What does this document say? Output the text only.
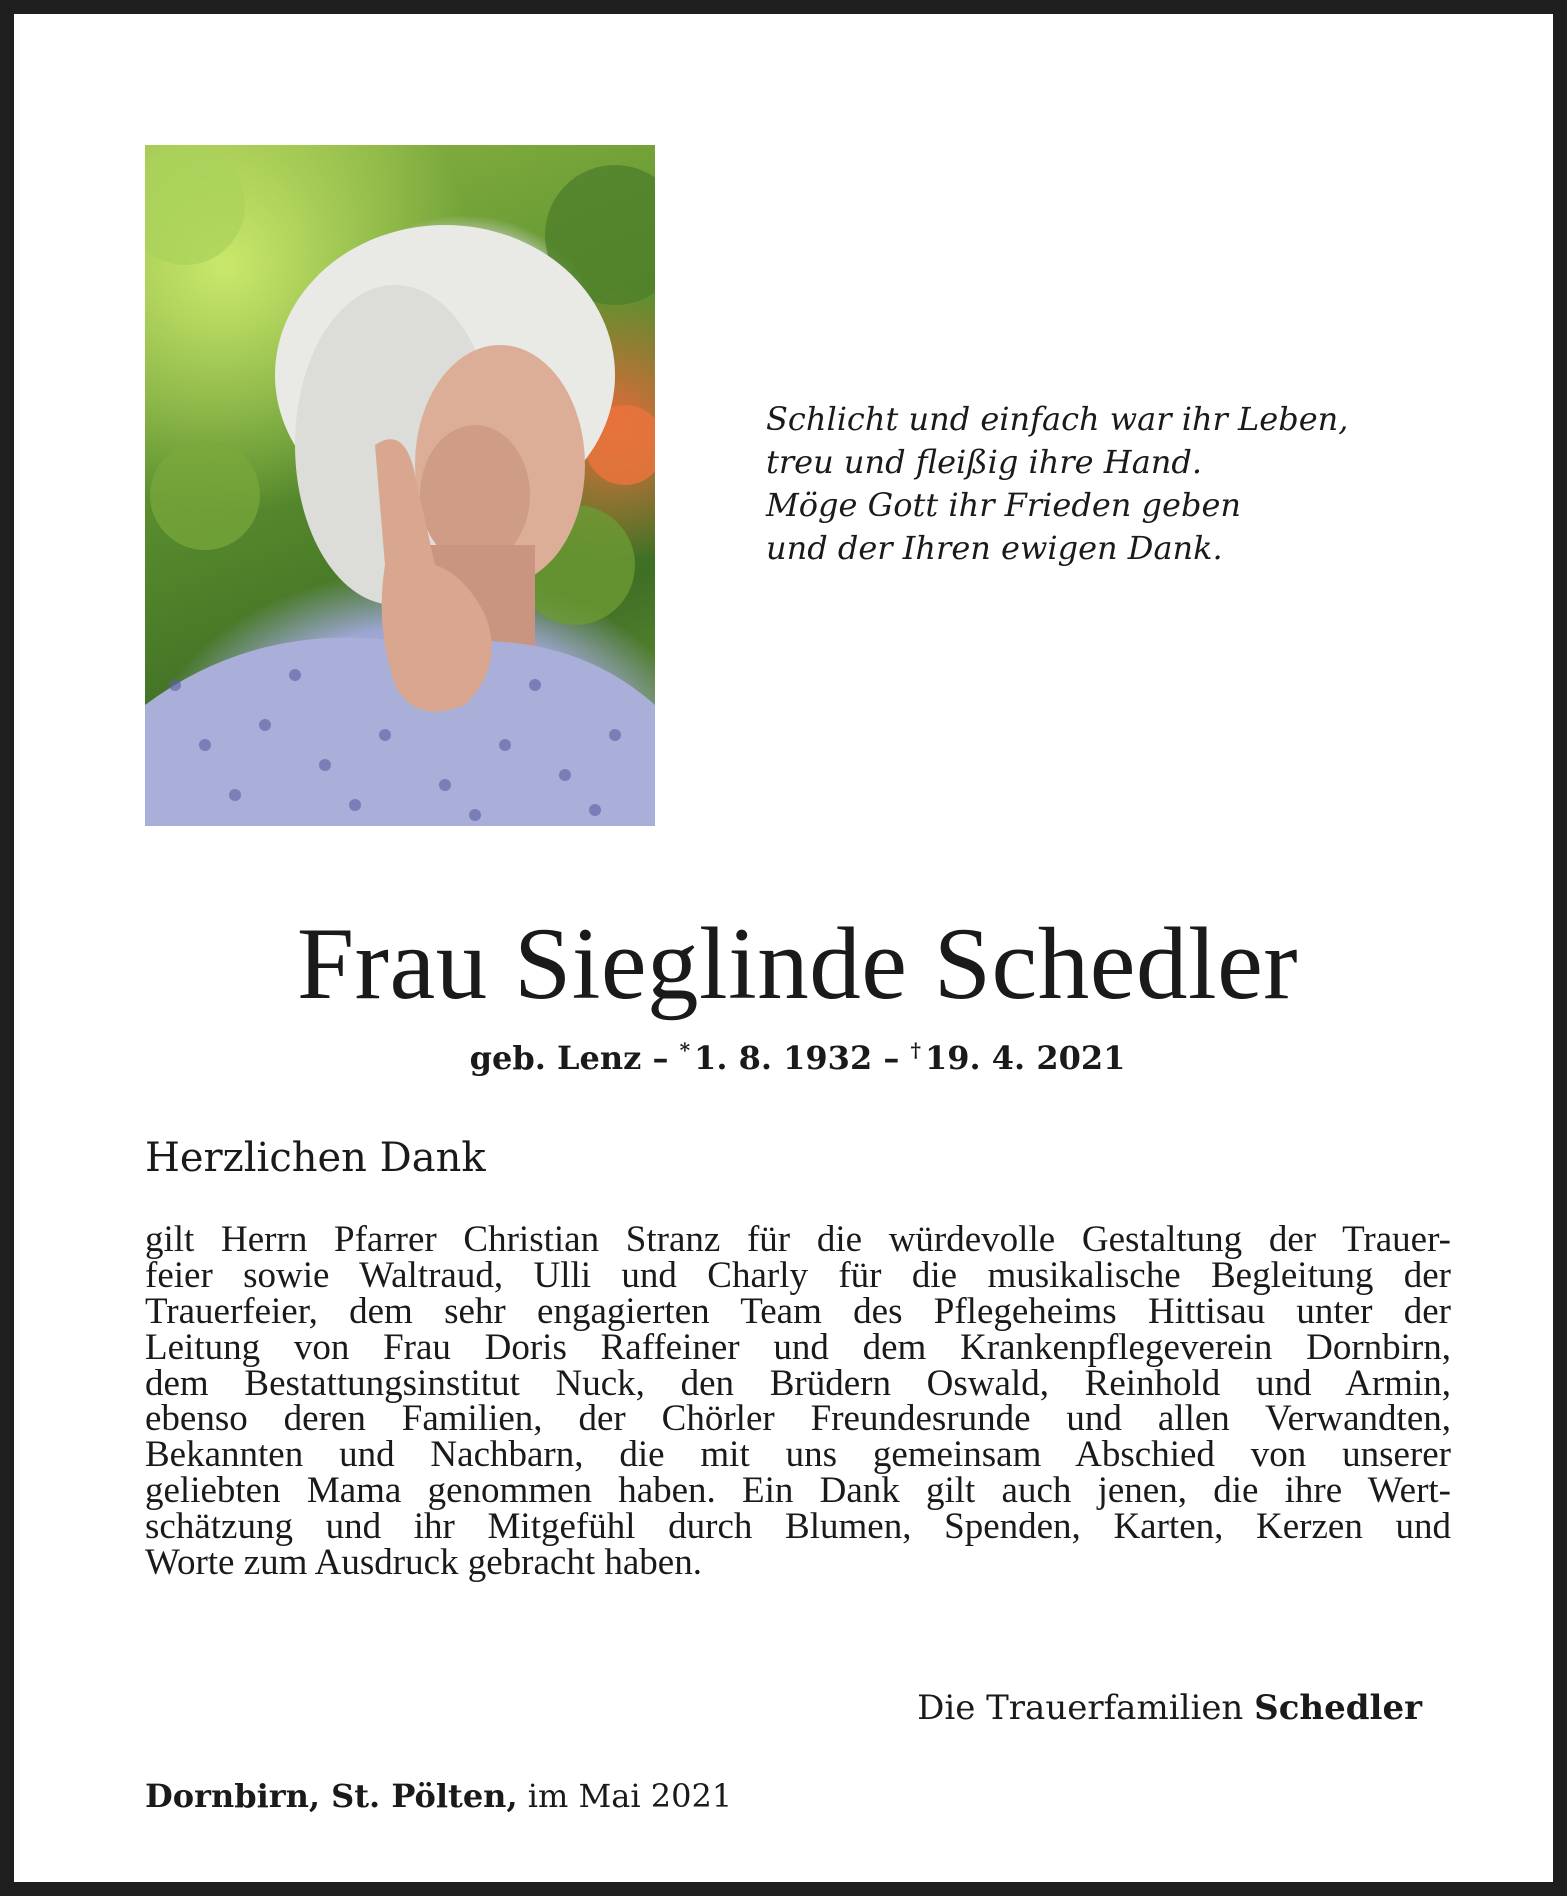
Schlicht und einfach war ihr Leben,
treu und fleißig ihre Hand.
Möge Gott ihr Frieden geben
und der Ihren ewigen Dank.
Frau Sieglinde Schedler
geb. Lenz – * 1. 8. 1932 – † 19. 4. 2021
Herzlichen Dank
gilt Herrn Pfarrer Christian Stranz für die würdevolle Gestaltung der Trauer-
feier sowie Waltraud, Ulli und Charly für die musikalische Begleitung der
Trauerfeier, dem sehr engagierten Team des Pflegeheims Hittisau unter der
Leitung von Frau Doris Raffeiner und dem Krankenpflegeverein Dornbirn,
dem Bestattungsinstitut Nuck, den Brüdern Oswald, Reinhold und Armin,
ebenso deren Familien, der Chörler Freundesrunde und allen Verwandten,
Bekannten und Nachbarn, die mit uns gemeinsam Abschied von unserer
geliebten Mama genommen haben. Ein Dank gilt auch jenen, die ihre Wert-
schätzung und ihr Mitgefühl durch Blumen, Spenden, Karten, Kerzen und
Worte zum Ausdruck gebracht haben.
Die Trauerfamilien Schedler
Dornbirn, St. Pölten, im Mai 2021
